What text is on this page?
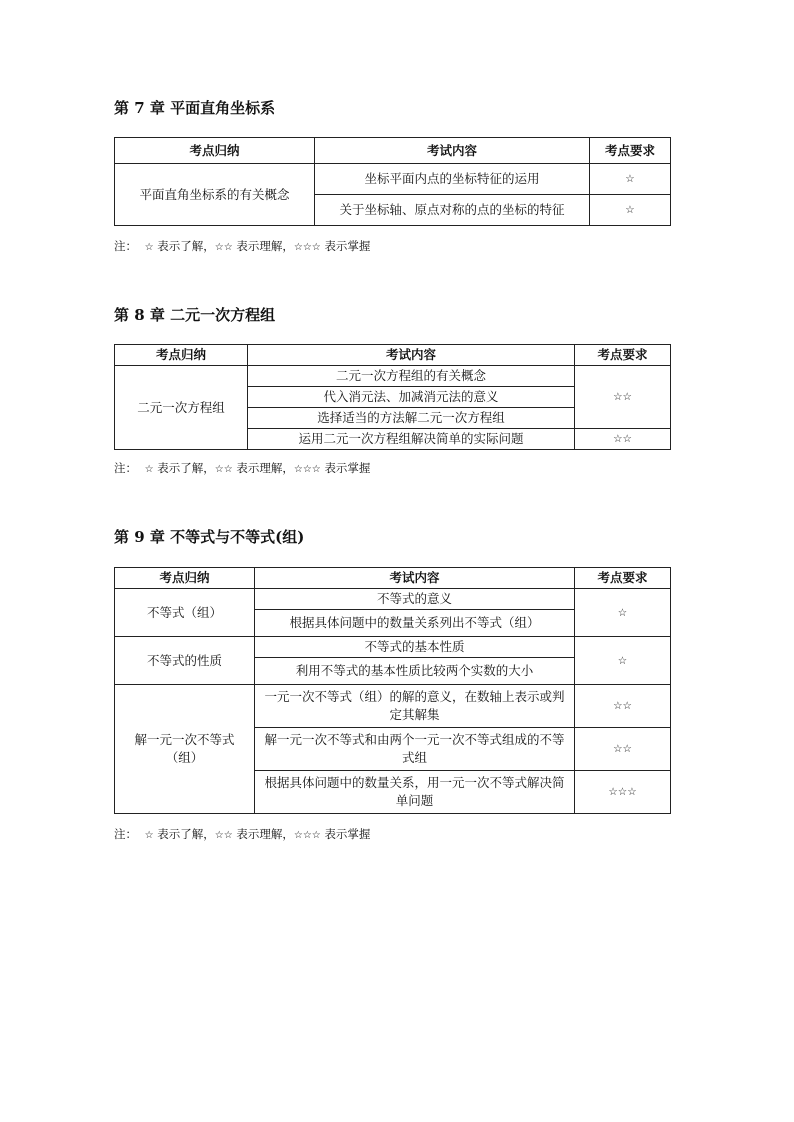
第 7 章 平面直角坐标系
考点归纳	考试内容	考点要求
平面直角坐标系的有关概念	坐标平面内点的坐标特征的运用	☆
	关于坐标轴、原点对称的点的坐标的特征	☆
注： ☆ 表示了解，☆☆ 表示理解，☆☆☆ 表示掌握
第 8 章 二元一次方程组
考点归纳	考试内容	考点要求
二元一次方程组	二元一次方程组的有关概念	☆☆
	代入消元法、加减消元法的意义	
	选择适当的方法解二元一次方程组	
	运用二元一次方程组解决简单的实际问题	☆☆
注： ☆ 表示了解，☆☆ 表示理解，☆☆☆ 表示掌握
第 9 章 不等式与不等式(组)
考点归纳	考试内容	考点要求
不等式（组）	不等式的意义	☆
	根据具体问题中的数量关系列出不等式（组）	
不等式的性质	不等式的基本性质	☆
	利用不等式的基本性质比较两个实数的大小	
解一元一次不等式（组）	一元一次不等式（组）的解的意义，在数轴上表示或判定其解集	☆☆
	解一元一次不等式和由两个一元一次不等式组成的不等式组	☆☆
	根据具体问题中的数量关系，用一元一次不等式解决简单问题	☆☆☆
注： ☆ 表示了解，☆☆ 表示理解，☆☆☆ 表示掌握
